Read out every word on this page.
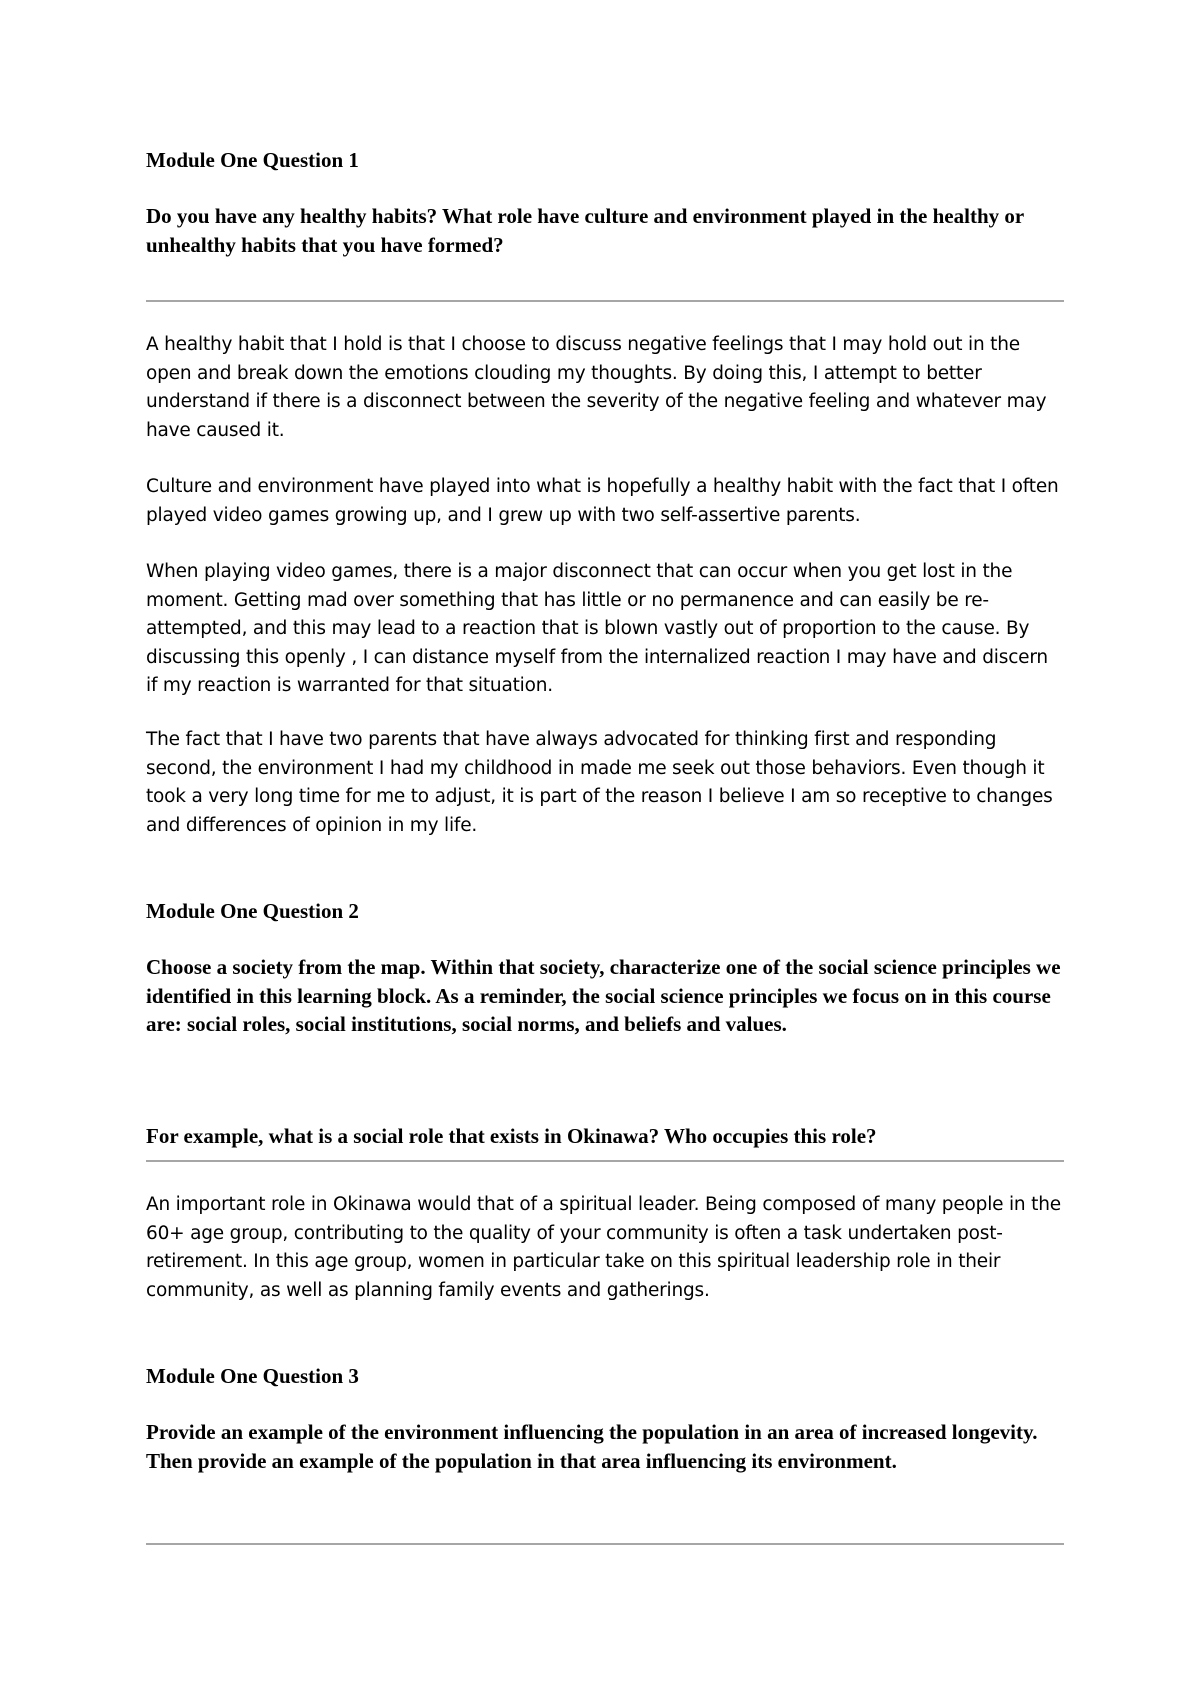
Module One Question 1

Do you have any healthy habits? What role have culture and environment played in the healthy or unhealthy habits that you have formed?

A healthy habit that I hold is that I choose to discuss negative feelings that I may hold out in the open and break down the emotions clouding my thoughts. By doing this, I attempt to better understand if there is a disconnect between the severity of the negative feeling and whatever may have caused it.

Culture and environment have played into what is hopefully a healthy habit with the fact that I often played video games growing up, and I grew up with two self-assertive parents.

When playing video games, there is a major disconnect that can occur when you get lost in the moment. Getting mad over something that has little or no permanence and can easily be re-attempted, and this may lead to a reaction that is blown vastly out of proportion to the cause. By discussing this openly , I can distance myself from the internalized reaction I may have and discern if my reaction is warranted for that situation.

The fact that I have two parents that have always advocated for thinking first and responding second, the environment I had my childhood in made me seek out those behaviors. Even though it took a very long time for me to adjust, it is part of the reason I believe I am so receptive to changes and differences of opinion in my life.

Module One Question 2

Choose a society from the map. Within that society, characterize one of the social science principles we identified in this learning block. As a reminder, the social science principles we focus on in this course are: social roles, social institutions, social norms, and beliefs and values.

For example, what is a social role that exists in Okinawa? Who occupies this role?

An important role in Okinawa would that of a spiritual leader. Being composed of many people in the 60+ age group, contributing to the quality of your community is often a task undertaken post-retirement. In this age group, women in particular take on this spiritual leadership role in their community, as well as planning family events and gatherings.

Module One Question 3

Provide an example of the environment influencing the population in an area of increased longevity. Then provide an example of the population in that area influencing its environment.
